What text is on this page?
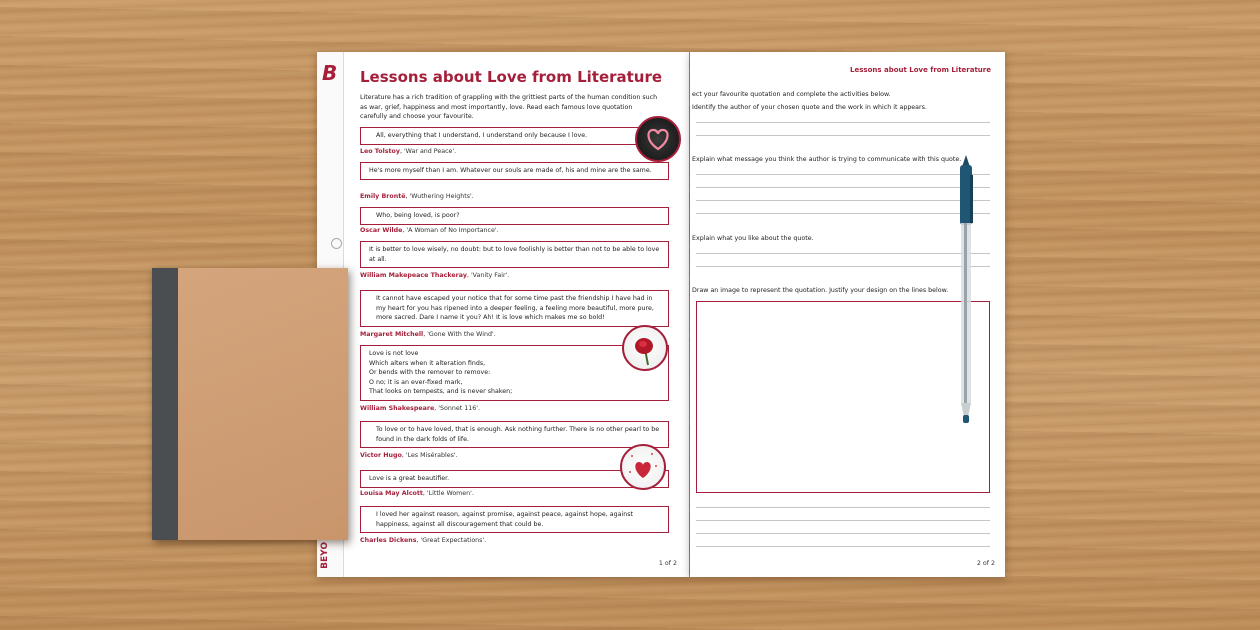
B
BEYO
Lessons about Love from Literature
Literature has a rich tradition of grappling with the grittiest parts of the human condition such as war, grief, happiness and most importantly, love. Read each famous love quotation carefully and choose your favourite.
All, everything that I understand, I understand only because I love.
Leo Tolstoy, 'War and Peace'.
He's more myself than I am. Whatever our souls are made of, his and mine are the same.
Emily Brontë, 'Wuthering Heights'.
Who, being loved, is poor?
Oscar Wilde, 'A Woman of No Importance'.
It is better to love wisely, no doubt: but to love foolishly is better than not to be able to love at all.
William Makepeace Thackeray, 'Vanity Fair'.
It cannot have escaped your notice that for some time past the friendship I have had in my heart for you has ripened into a deeper feeling, a feeling more beautiful, more pure, more sacred. Dare I name it you? Ah! It is love which makes me so bold!
Margaret Mitchell, 'Gone With the Wind'.
Love is not love
Which alters when it alteration finds,
Or bends with the remover to remove:
O no; it is an ever-fixed mark,
That looks on tempests, and is never shaken;
William Shakespeare, 'Sonnet 116'.
To love or to have loved, that is enough. Ask nothing further. There is no other pearl to be found in the dark folds of life.
Victor Hugo, 'Les Misérables'.
Love is a great beautifier.
Louisa May Alcott, 'Little Women'.
I loved her against reason, against promise, against peace, against hope, against happiness, against all discouragement that could be.
Charles Dickens, 'Great Expectations'.
1 of 2
Lessons about Love from Literature
ect your favourite quotation and complete the activities below.
Identify the author of your chosen quote and the work in which it appears.
Explain what message you think the author is trying to communicate with this quote.
Explain what you like about the quote.
Draw an image to represent the quotation. Justify your design on the lines below.
2 of 2
